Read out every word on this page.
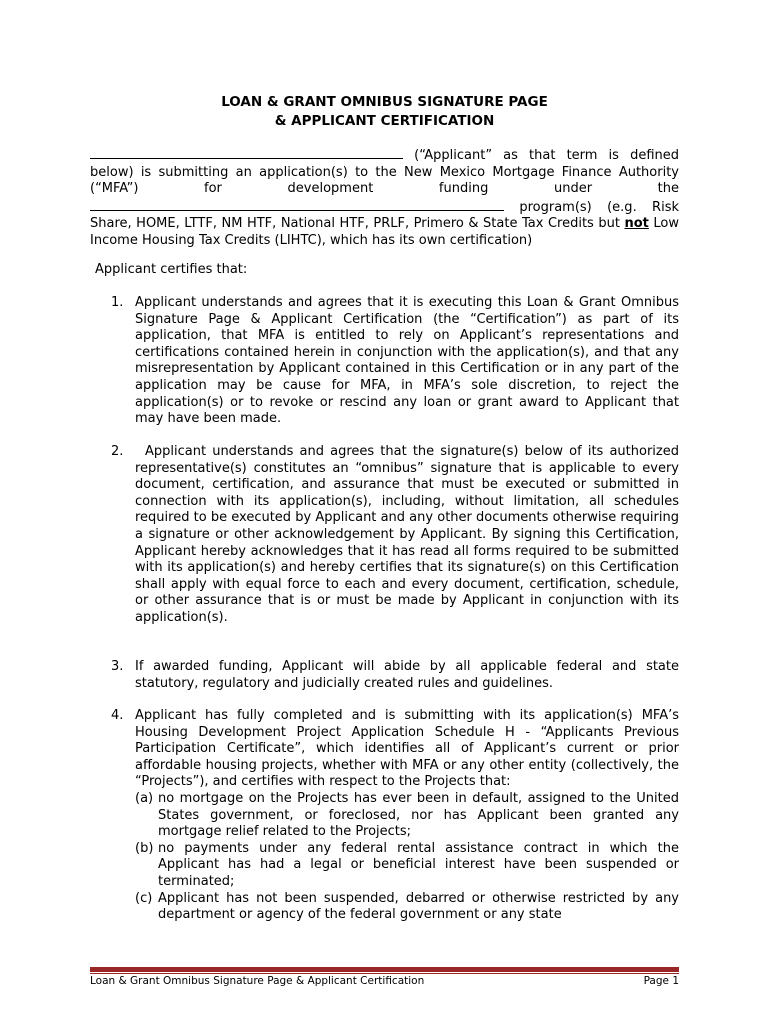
LOAN & GRANT OMNIBUS SIGNATURE PAGE
& APPLICANT CERTIFICATION
(“Applicant” as that term is defined below) is submitting an application(s) to the New Mexico Mortgage Finance Authority (“MFA”) for development funding under the  program(s) (e.g. Risk Share, HOME, LTTF, NM HTF, National HTF, PRLF, Primero & State Tax Credits but not Low Income Housing Tax Credits (LIHTC), which has its own certification)
Applicant certifies that:
1. Applicant understands and agrees that it is executing this Loan & Grant Omnibus Signature Page & Applicant Certification (the “Certification”) as part of its application, that MFA is entitled to rely on Applicant’s representations and certifications contained herein in conjunction with the application(s), and that any misrepresentation by Applicant contained in this Certification or in any part of the application may be cause for MFA, in MFA’s sole discretion, to reject the application(s) or to revoke or rescind any loan or grant award to Applicant that may have been made.
2. Applicant understands and agrees that the signature(s) below of its authorized representative(s) constitutes an “omnibus” signature that is applicable to every document, certification, and assurance that must be executed or submitted in connection with its application(s), including, without limitation, all schedules required to be executed by Applicant and any other documents otherwise requiring a signature or other acknowledgement by Applicant. By signing this Certification, Applicant hereby acknowledges that it has read all forms required to be submitted with its application(s) and hereby certifies that its signature(s) on this Certification shall apply with equal force to each and every document, certification, schedule, or other assurance that is or must be made by Applicant in conjunction with its application(s).
3. If awarded funding, Applicant will abide by all applicable federal and state statutory, regulatory and judicially created rules and guidelines.
4. Applicant has fully completed and is submitting with its application(s) MFA’s Housing Development Project Application Schedule H - “Applicants Previous Participation Certificate”, which identifies all of Applicant’s current or prior affordable housing projects, whether with MFA or any other entity (collectively, the “Projects”), and certifies with respect to the Projects that:
(a) no mortgage on the Projects has ever been in default, assigned to the United States government, or foreclosed, nor has Applicant been granted any mortgage relief related to the Projects;
(b) no payments under any federal rental assistance contract in which the Applicant has had a legal or beneficial interest have been suspended or terminated;
(c) Applicant has not been suspended, debarred or otherwise restricted by any department or agency of the federal government or any state
Loan & Grant Omnibus Signature Page & Applicant Certification	Page 1
